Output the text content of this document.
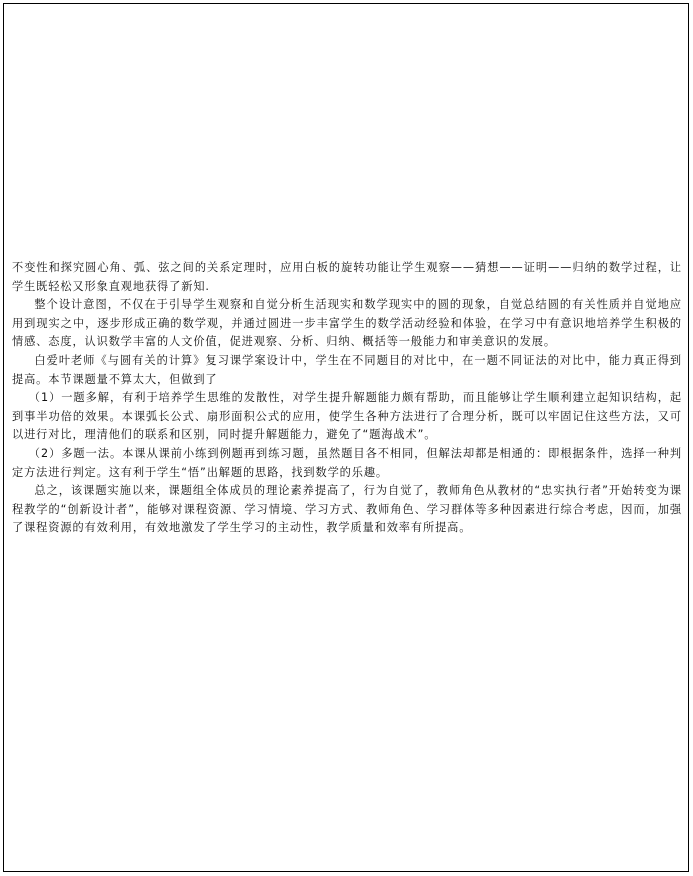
不变性和探究圆心角、弧、弦之间的关系定理时，应用白板的旋转功能让学生观察——猜想——证明——归纳的数学过程，让学生既轻松又形象直观地获得了新知.

整个设计意图，不仅在于引导学生观察和自觉分析生活现实和数学现实中的圆的现象，自觉总结圆的有关性质并自觉地应用到现实之中，逐步形成正确的数学观，并通过圆进一步丰富学生的数学活动经验和体验，在学习中有意识地培养学生积极的情感、态度，认识数学丰富的人文价值，促进观察、分析、归纳、概括等一般能力和审美意识的发展。

白爱叶老师《与圆有关的计算》复习课学案设计中，学生在不同题目的对比中，在一题不同证法的对比中，能力真正得到提高。本节课题量不算太大，但做到了

（1）一题多解，有利于培养学生思维的发散性，对学生提升解题能力颇有帮助，而且能够让学生顺利建立起知识结构，起到事半功倍的效果。本课弧长公式、扇形面积公式的应用，使学生各种方法进行了合理分析，既可以牢固记住这些方法，又可以进行对比，理清他们的联系和区别，同时提升解题能力，避免了“题海战术”。

（2）多题一法。本课从课前小练到例题再到练习题，虽然题目各不相同，但解法却都是相通的：即根据条件，选择一种判定方法进行判定。这有利于学生“悟”出解题的思路，找到数学的乐趣。

总之，该课题实施以来，课题组全体成员的理论素养提高了，行为自觉了，教师角色从教材的“忠实执行者”开始转变为课程教学的“创新设计者”，能够对课程资源、学习情境、学习方式、教师角色、学习群体等多种因素进行综合考虑，因而，加强了课程资源的有效利用，有效地激发了学生学习的主动性，教学质量和效率有所提高。
